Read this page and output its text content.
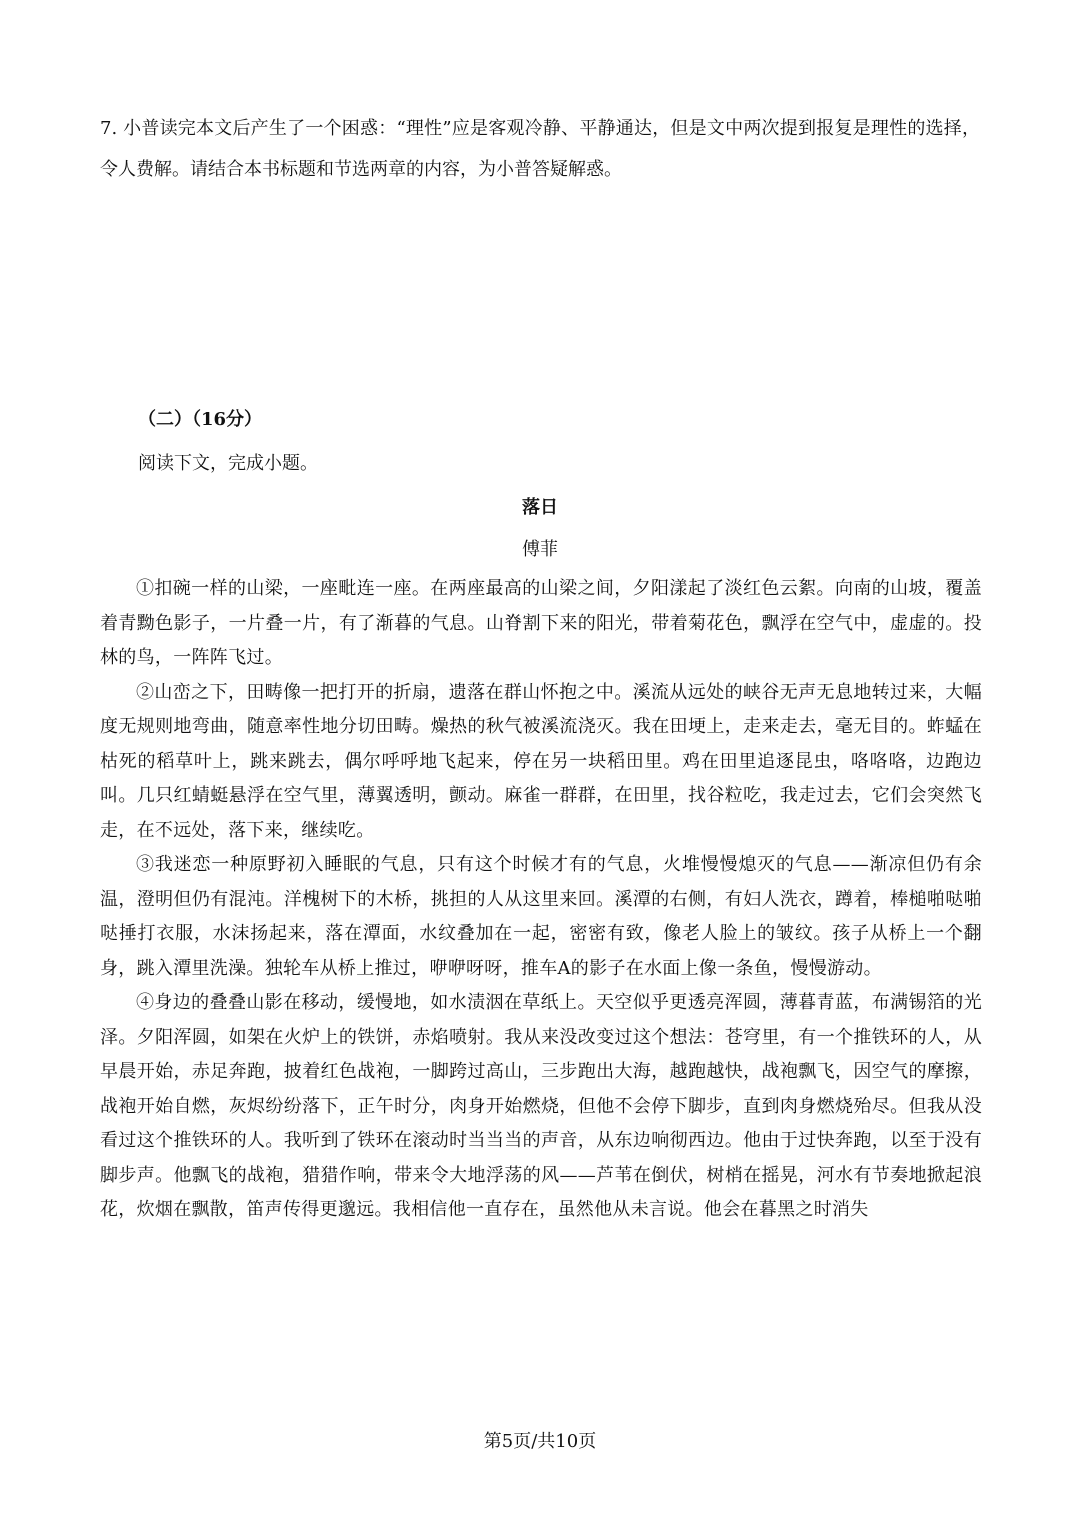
7. 小普读完本文后产生了一个困惑：“理性”应是客观冷静、平静通达，但是文中两次提到报复是理性的选择，令人费解。请结合本书标题和节选两章的内容，为小普答疑解惑。

（二）（16分）

阅读下文，完成小题。

落日

傅菲

①扣碗一样的山梁，一座毗连一座。在两座最高的山梁之间，夕阳漾起了淡红色云絮。向南的山坡，覆盖着青黝色影子，一片叠一片，有了渐暮的气息。山脊割下来的阳光，带着菊花色，飘浮在空气中，虚虚的。投林的鸟，一阵阵飞过。

②山峦之下，田畴像一把打开的折扇，遗落在群山怀抱之中。溪流从远处的峡谷无声无息地转过来，大幅度无规则地弯曲，随意率性地分切田畴。燥热的秋气被溪流浇灭。我在田埂上，走来走去，毫无目的。蚱蜢在枯死的稻草叶上，跳来跳去，偶尔呼呼地飞起来，停在另一块稻田里。鸡在田里追逐昆虫，咯咯咯，边跑边叫。几只红蜻蜓悬浮在空气里，薄翼透明，颤动。麻雀一群群，在田里，找谷粒吃，我走过去，它们会突然飞走，在不远处，落下来，继续吃。

③我迷恋一种原野初入睡眠的气息，只有这个时候才有的气息，火堆慢慢熄灭的气息——渐凉但仍有余温，澄明但仍有混沌。洋槐树下的木桥，挑担的人从这里来回。溪潭的右侧，有妇人洗衣，蹲着，棒槌啪哒啪哒捶打衣服，水沫扬起来，落在潭面，水纹叠加在一起，密密有致，像老人脸上的皱纹。孩子从桥上一个翻身，跳入潭里洗澡。独轮车从桥上推过，咿咿呀呀，推车A的影子在水面上像一条鱼，慢慢游动。

④身边的叠叠山影在移动，缓慢地，如水渍洇在草纸上。天空似乎更透亮浑圆，薄暮青蓝，布满锡箔的光泽。夕阳浑圆，如架在火炉上的铁饼，赤焰喷射。我从来没改变过这个想法：苍穹里，有一个推铁环的人，从早晨开始，赤足奔跑，披着红色战袍，一脚跨过高山，三步跑出大海，越跑越快，战袍飘飞，因空气的摩擦，战袍开始自燃，灰烬纷纷落下，正午时分，肉身开始燃烧，但他不会停下脚步，直到肉身燃烧殆尽。但我从没看过这个推铁环的人。我听到了铁环在滚动时当当当的声音，从东边响彻西边。他由于过快奔跑，以至于没有脚步声。他飘飞的战袍，猎猎作响，带来令大地浮荡的风——芦苇在倒伏，树梢在摇晃，河水有节奏地掀起浪花，炊烟在飘散，笛声传得更邈远。我相信他一直存在，虽然他从未言说。他会在暮黑之时消失

第5页/共10页
